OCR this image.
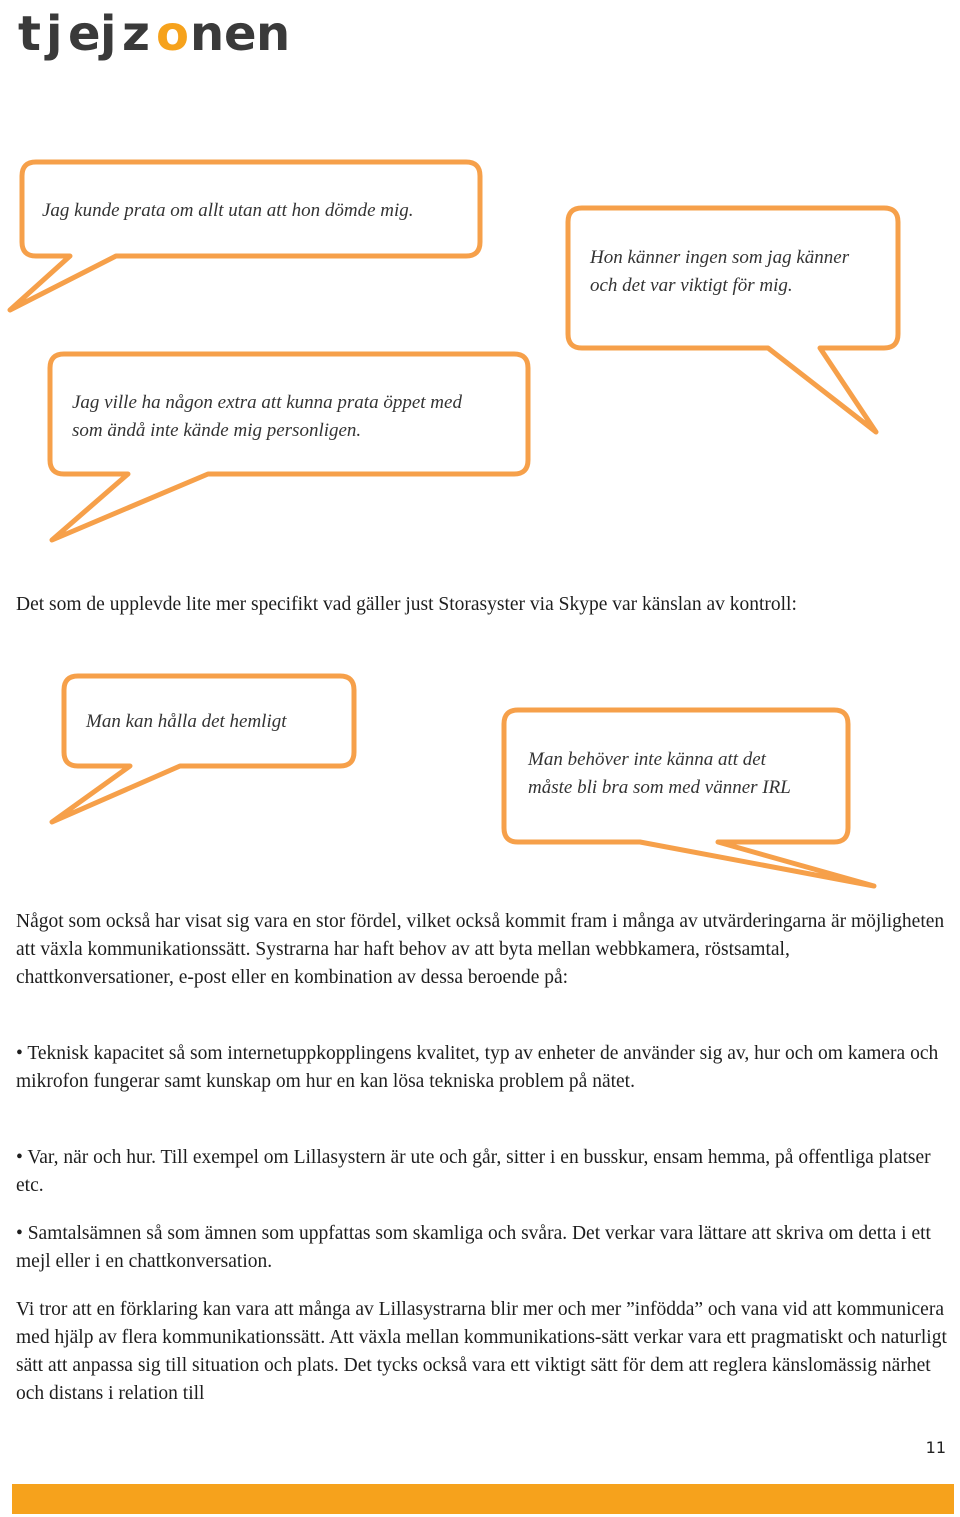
t j e j z o n e n

Jag kunde prata om allt utan att hon dömde mig.

Hon känner ingen som jag känner

och det var viktigt för mig.

Jag ville ha någon extra att kunna prata öppet med

som ändå inte kände mig personligen.

Det som de upplevde lite mer specifikt vad gäller just Storasyster via Skype var känslan av kontroll:

Man kan hålla det hemligt

Man behöver inte känna att det

måste bli bra som med vänner IRL

Något som också har visat sig vara en stor fördel, vilket också kommit fram i många av utvärderingarna är möjligheten att växla kommunikationssätt. Systrarna har haft behov av att byta mellan webbkamera, röstsamtal, chattkonversationer, e-post eller en kombination av dessa beroende på:

• Teknisk kapacitet så som internetuppkopplingens kvalitet, typ av enheter de använder sig av, hur och om kamera och mikrofon fungerar samt kunskap om hur en kan lösa tekniska problem på nätet.

• Var, när och hur. Till exempel om Lillasystern är ute och går, sitter i en busskur, ensam hemma, på offentliga platser etc.

• Samtalsämnen så som ämnen som uppfattas som skamliga och svåra. Det verkar vara lättare att skriva om detta i ett mejl eller i en chattkonversation.

Vi tror att en förklaring kan vara att många av Lillasystrarna blir mer och mer ”infödda” och vana vid att kommunicera med hjälp av flera kommunikationssätt. Att växla mellan kommunikations-sätt verkar vara ett pragmatiskt och naturligt sätt att anpassa sig till situation och plats. Det tycks också vara ett viktigt sätt för dem att reglera känslomässig närhet och distans i relation till

11
